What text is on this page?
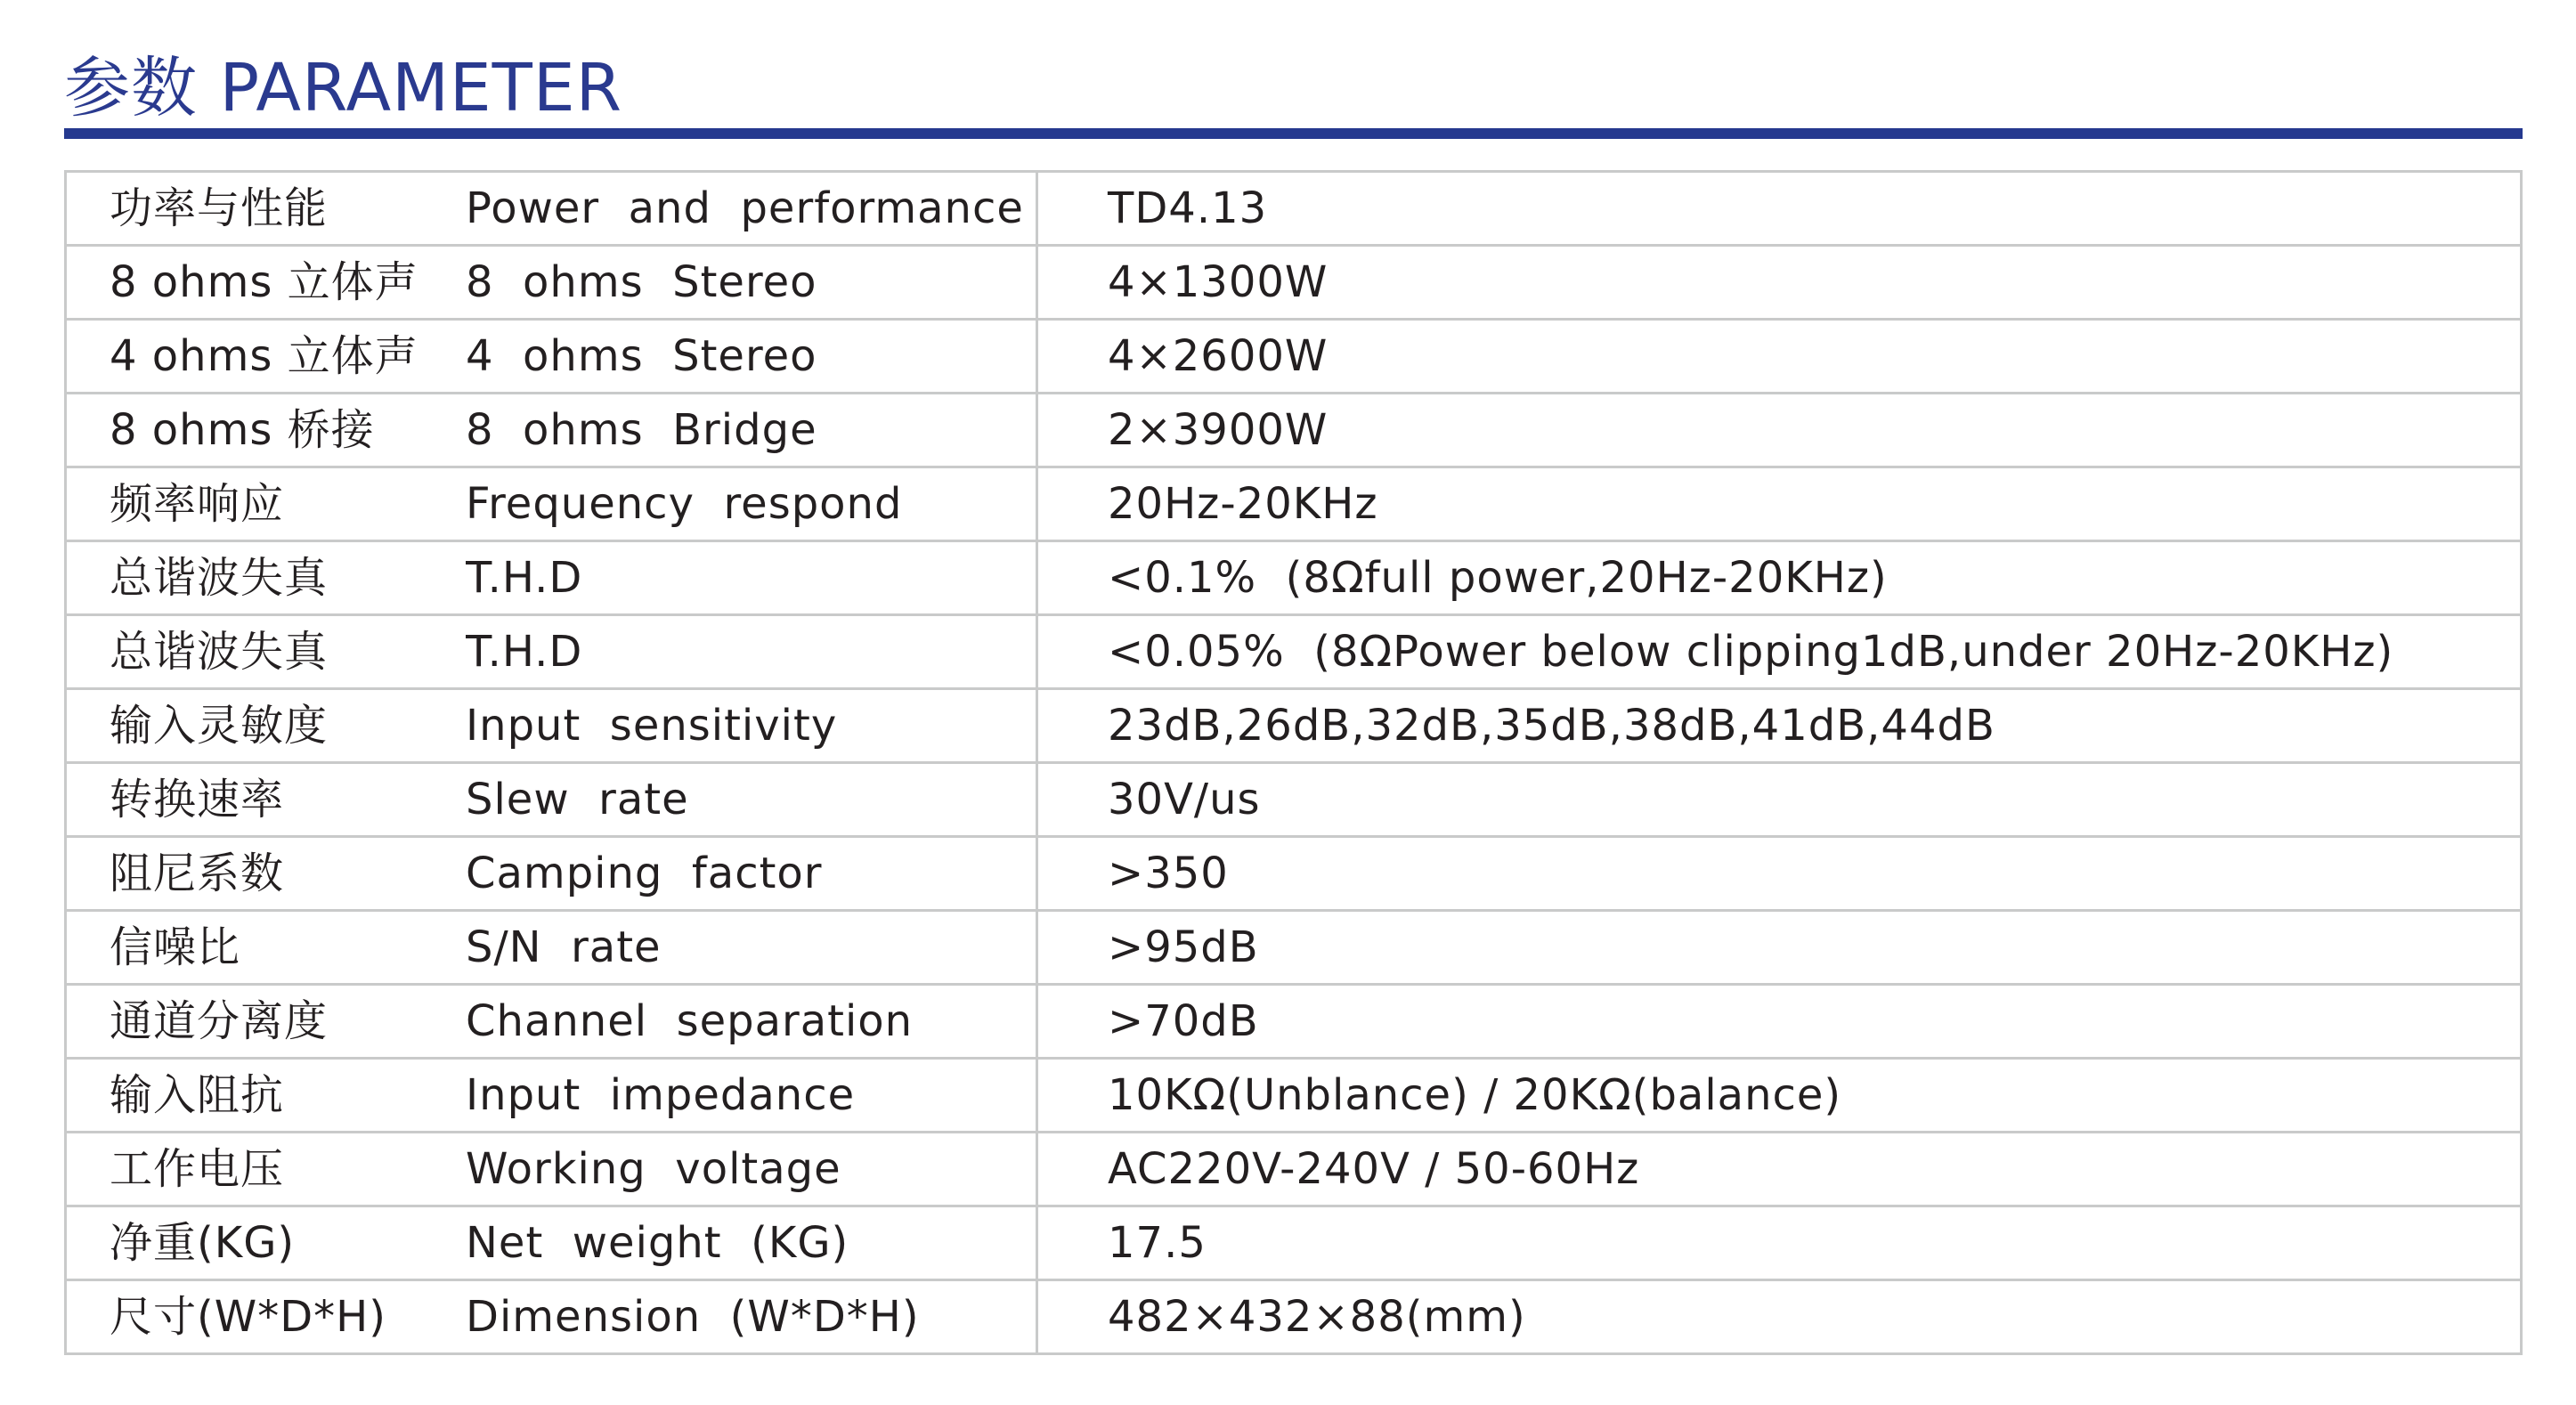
参数 PARAMETER
功率与性能	Power  and  performance	TD4.13
8 ohms 立体声	8  ohms  Stereo	4×1300W
4 ohms 立体声	4  ohms  Stereo	4×2600W
8 ohms 桥接	8  ohms  Bridge	2×3900W
频率响应	Frequency  respond	20Hz-20KHz
总谐波失真	T.H.D	<0.1%  (8Ωfull power,20Hz-20KHz)
总谐波失真	T.H.D	<0.05%  (8ΩPower below clipping1dB,under 20Hz-20KHz)
输入灵敏度	Input  sensitivity	23dB,26dB,32dB,35dB,38dB,41dB,44dB
转换速率	Slew  rate	30V/us
阻尼系数	Camping  factor	>350
信噪比	S/N  rate	>95dB
通道分离度	Channel  separation	>70dB
输入阻抗	Input  impedance	10KΩ(Unblance) / 20KΩ(balance)
工作电压	Working  voltage	AC220V-240V / 50-60Hz
净重(KG)	Net  weight  (KG)	17.5
尺寸(W*D*H)	Dimension  (W*D*H)	482×432×88(mm)
